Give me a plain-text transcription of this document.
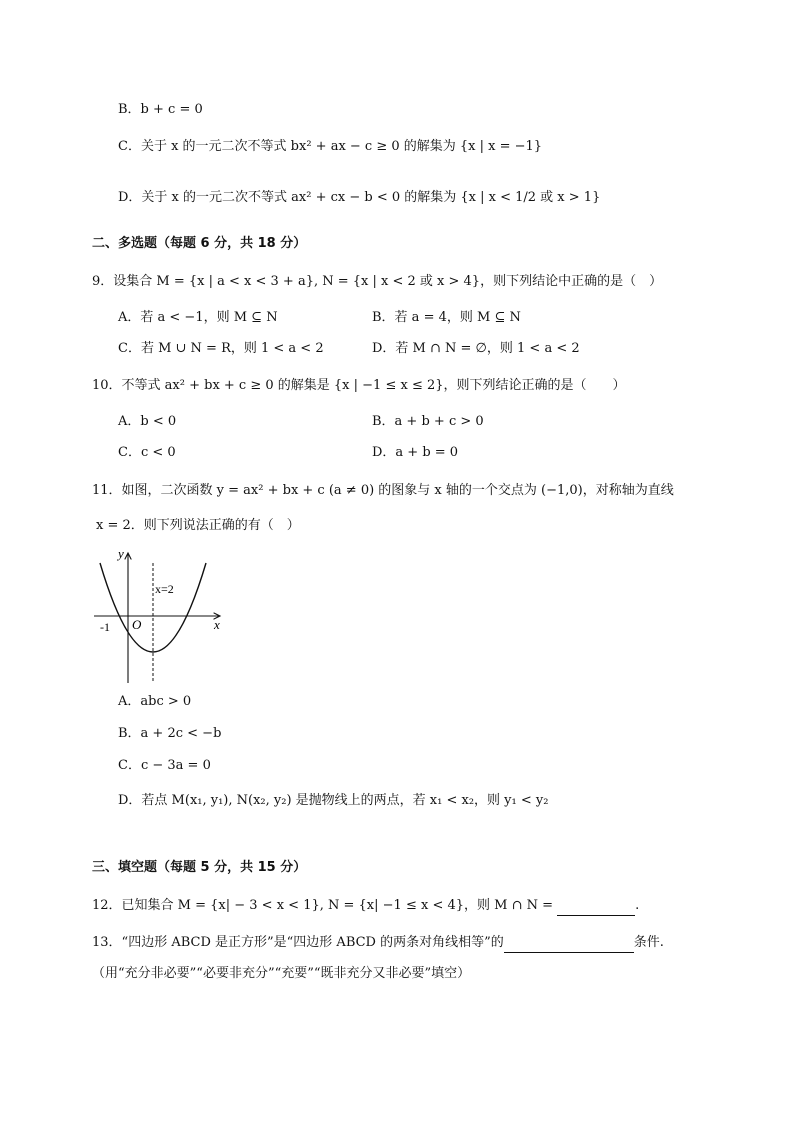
B．b + c = 0
C．关于 x 的一元二次不等式 bx² + ax − c ≥ 0 的解集为 {x | x = −1}
D．关于 x 的一元二次不等式 ax² + cx − b < 0 的解集为 {x | x < 1/2 或 x > 1}
二、多选题（每题 6 分，共 18 分）
9．设集合 M = {x | a < x < 3 + a}, N = {x | x < 2 或 x > 4}，则下列结论中正确的是（　）
A．若 a < −1，则 M ⊆ N	B．若 a = 4，则 M ⊆ N
C．若 M ∪ N = R，则 1 < a < 2	D．若 M ∩ N = ∅，则 1 < a < 2
10．不等式 ax² + bx + c ≥ 0 的解集是 {x | −1 ≤ x ≤ 2}，则下列结论正确的是（　　）
A．b < 0	B．a + b + c > 0
C．c < 0	D．a + b = 0
11．如图，二次函数 y = ax² + bx + c (a ≠ 0) 的图象与 x 轴的一个交点为 (−1,0)，对称轴为直线
x = 2．则下列说法正确的有（　）
y
x
O
-1
x=2
A．abc > 0
B．a + 2c < −b
C．c − 3a = 0
D．若点 M(x₁, y₁), N(x₂, y₂) 是抛物线上的两点，若 x₁ < x₂，则 y₁ < y₂
三、填空题（每题 5 分，共 15 分）
12．已知集合 M = {x| − 3 < x < 1}, N = {x| −1 ≤ x < 4}，则 M ∩ N =	.
13．“四边形 ABCD 是正方形”是“四边形 ABCD 的两条对角线相等”的	条件.
（用“充分非必要”“必要非充分”“充要”“既非充分又非必要”填空）
